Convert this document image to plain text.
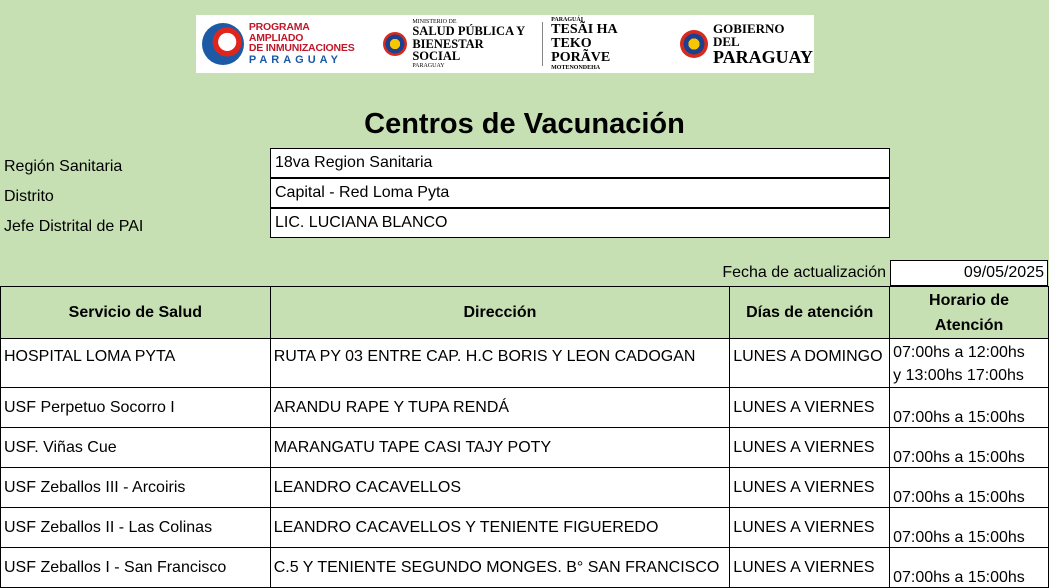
PROGRAMA AMPLIADO
DE INMUNIZACIONES
PARAGUAY
MINISTERIO DE
SALUD PÚBLICA Y
BIENESTAR SOCIAL
PARAGUAY
PARAGUÁI
TESÃI HA TEKO
PORÃVE
MOTENONDEHA
GOBIERNO DEL
PARAGUAY
Centros de Vacunación
Región Sanitaria	18va Region Sanitaria
Distrito	Capital - Red Loma Pyta
Jefe Distrital de PAI	LIC. LUCIANA BLANCO
Fecha de actualización	09/05/2025
Servicio de Salud	Dirección	Días de atención	Horario de Atención
HOSPITAL LOMA PYTA	RUTA PY 03 ENTRE CAP. H.C BORIS Y LEON CADOGAN	LUNES A DOMINGO	07:00hs a 12:00hs
y 13:00hs 17:00hs

USF Perpetuo Socorro I	ARANDU RAPE Y TUPA RENDÁ	LUNES A VIERNES	07:00hs a 15:00hs
USF. Viñas Cue	MARANGATU TAPE CASI TAJY POTY	LUNES A VIERNES	07:00hs a 15:00hs
USF Zeballos III - Arcoiris	LEANDRO CACAVELLOS	LUNES A VIERNES	07:00hs a 15:00hs
USF Zeballos II - Las Colinas	LEANDRO CACAVELLOS Y TENIENTE FIGUEREDO	LUNES A VIERNES	07:00hs a 15:00hs
USF Zeballos I - San Francisco	C.5 Y TENIENTE SEGUNDO MONGES. B° SAN FRANCISCO	LUNES A VIERNES	07:00hs a 15:00hs
